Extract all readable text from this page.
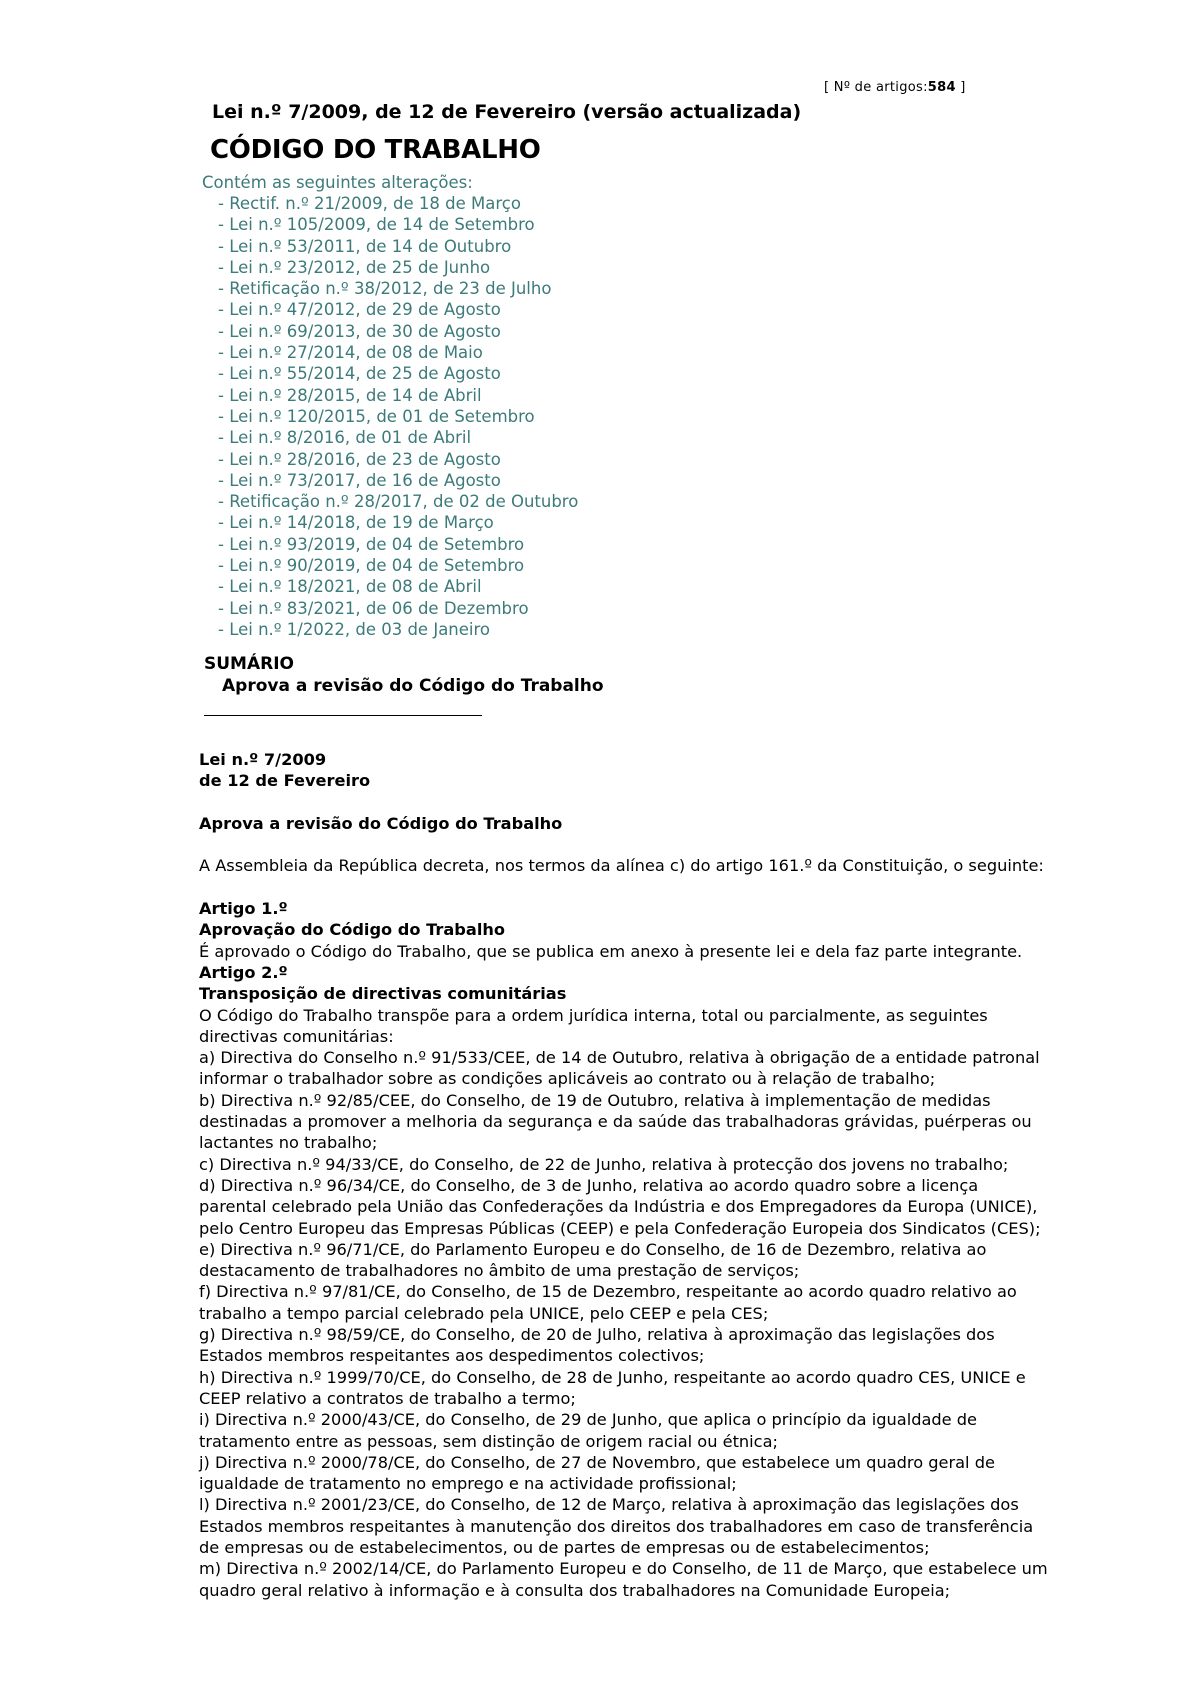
[ Nº de artigos:584 ]
Lei n.º 7/2009, de 12 de Fevereiro (versão actualizada)
CÓDIGO DO TRABALHO
Contém as seguintes alterações:
- Rectif. n.º 21/2009, de 18 de Março
- Lei n.º 105/2009, de 14 de Setembro
- Lei n.º 53/2011, de 14 de Outubro
- Lei n.º 23/2012, de 25 de Junho
- Retificação n.º 38/2012, de 23 de Julho
- Lei n.º 47/2012, de 29 de Agosto
- Lei n.º 69/2013, de 30 de Agosto
- Lei n.º 27/2014, de 08 de Maio
- Lei n.º 55/2014, de 25 de Agosto
- Lei n.º 28/2015, de 14 de Abril
- Lei n.º 120/2015, de 01 de Setembro
- Lei n.º 8/2016, de 01 de Abril
- Lei n.º 28/2016, de 23 de Agosto
- Lei n.º 73/2017, de 16 de Agosto
- Retificação n.º 28/2017, de 02 de Outubro
- Lei n.º 14/2018, de 19 de Março
- Lei n.º 93/2019, de 04 de Setembro
- Lei n.º 90/2019, de 04 de Setembro
- Lei n.º 18/2021, de 08 de Abril
- Lei n.º 83/2021, de 06 de Dezembro
- Lei n.º 1/2022, de 03 de Janeiro
SUMÁRIO
Aprova a revisão do Código do Trabalho

Lei n.º 7/2009

de 12 de Fevereiro

Aprova a revisão do Código do Trabalho

A Assembleia da República decreta, nos termos da alínea c) do artigo 161.º da Constituição, o seguinte:

Artigo 1.º

Aprovação do Código do Trabalho

É aprovado o Código do Trabalho, que se publica em anexo à presente lei e dela faz parte integrante.

Artigo 2.º

Transposição de directivas comunitárias

O Código do Trabalho transpõe para a ordem jurídica interna, total ou parcialmente, as seguintes directivas comunitárias:

a) Directiva do Conselho n.º 91/533/CEE, de 14 de Outubro, relativa à obrigação de a entidade patronal informar o trabalhador sobre as condições aplicáveis ao contrato ou à relação de trabalho;

b) Directiva n.º 92/85/CEE, do Conselho, de 19 de Outubro, relativa à implementação de medidas destinadas a promover a melhoria da segurança e da saúde das trabalhadoras grávidas, puérperas ou lactantes no trabalho;

c) Directiva n.º 94/33/CE, do Conselho, de 22 de Junho, relativa à protecção dos jovens no trabalho;

d) Directiva n.º 96/34/CE, do Conselho, de 3 de Junho, relativa ao acordo quadro sobre a licença parental celebrado pela União das Confederações da Indústria e dos Empregadores da Europa (UNICE), pelo Centro Europeu das Empresas Públicas (CEEP) e pela Confederação Europeia dos Sindicatos (CES);

e) Directiva n.º 96/71/CE, do Parlamento Europeu e do Conselho, de 16 de Dezembro, relativa ao destacamento de trabalhadores no âmbito de uma prestação de serviços;

f) Directiva n.º 97/81/CE, do Conselho, de 15 de Dezembro, respeitante ao acordo quadro relativo ao trabalho a tempo parcial celebrado pela UNICE, pelo CEEP e pela CES;

g) Directiva n.º 98/59/CE, do Conselho, de 20 de Julho, relativa à aproximação das legislações dos Estados membros respeitantes aos despedimentos colectivos;

h) Directiva n.º 1999/70/CE, do Conselho, de 28 de Junho, respeitante ao acordo quadro CES, UNICE e CEEP relativo a contratos de trabalho a termo;

i) Directiva n.º 2000/43/CE, do Conselho, de 29 de Junho, que aplica o princípio da igualdade de tratamento entre as pessoas, sem distinção de origem racial ou étnica;

j) Directiva n.º 2000/78/CE, do Conselho, de 27 de Novembro, que estabelece um quadro geral de igualdade de tratamento no emprego e na actividade profissional;

l) Directiva n.º 2001/23/CE, do Conselho, de 12 de Março, relativa à aproximação das legislações dos Estados membros respeitantes à manutenção dos direitos dos trabalhadores em caso de transferência de empresas ou de estabelecimentos, ou de partes de empresas ou de estabelecimentos;

m) Directiva n.º 2002/14/CE, do Parlamento Europeu e do Conselho, de 11 de Março, que estabelece um quadro geral relativo à informação e à consulta dos trabalhadores na Comunidade Europeia;
